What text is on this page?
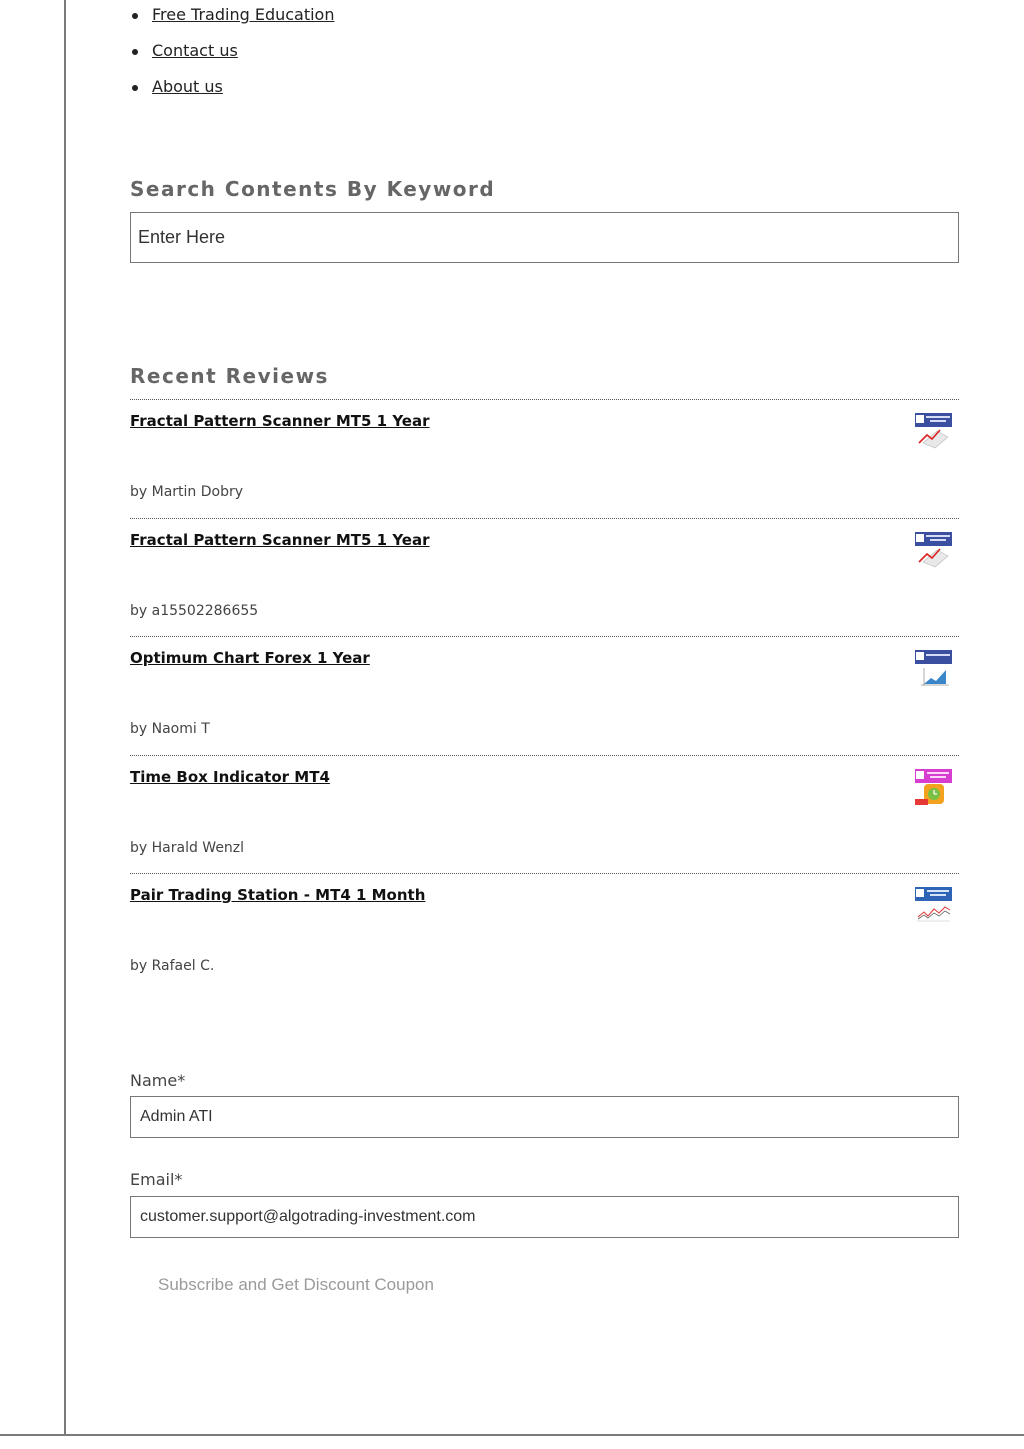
Free Trading Education
Contact us
About us
Search Contents By Keyword
Enter Here
Recent Reviews
Fractal Pattern Scanner MT5 1 Year
by Martin Dobry
Fractal Pattern Scanner MT5 1 Year
by a15502286655
Optimum Chart Forex 1 Year
by Naomi T
Time Box Indicator MT4
by Harald Wenzl
Pair Trading Station - MT4 1 Month
by Rafael C.
Name*
Admin ATI
Email*
customer.support@algotrading-investment.com
Subscribe and Get Discount Coupon
